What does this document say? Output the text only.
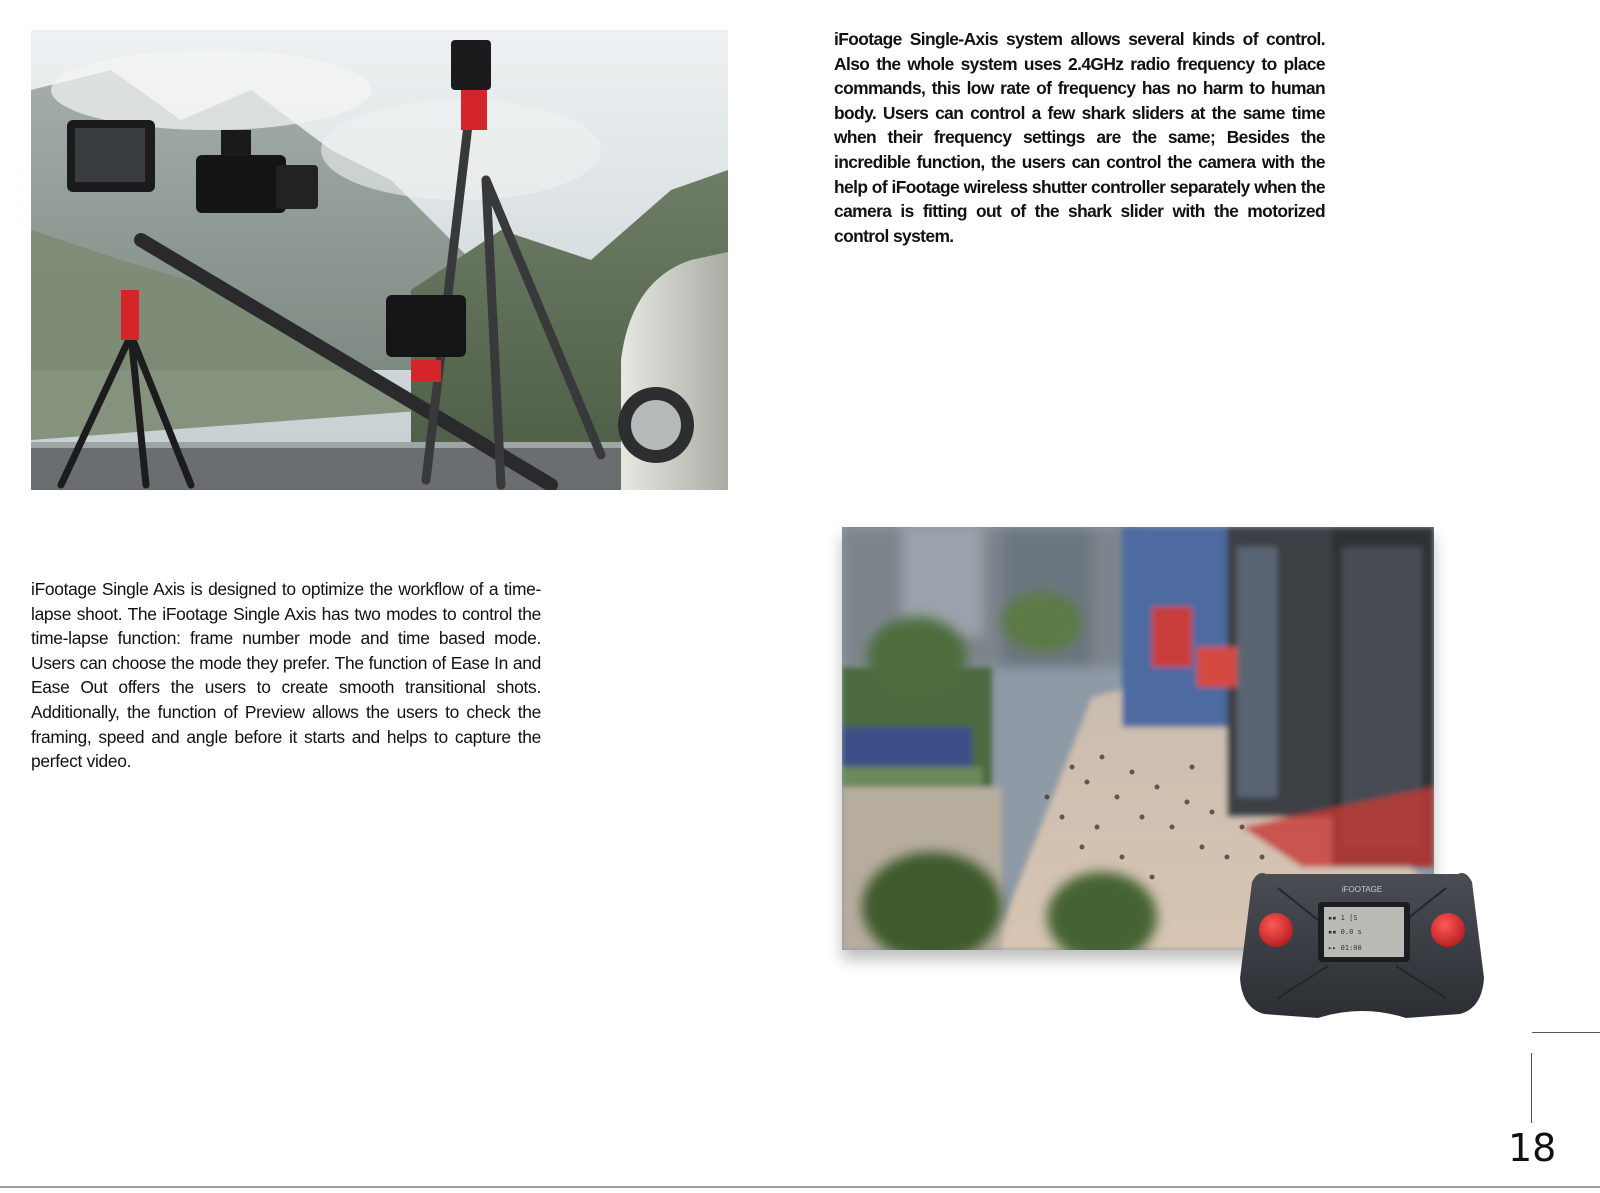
iFootage Single-Axis system allows several kinds of control. Also the whole system uses 2.4GHz radio frequency to place commands, this low rate of frequency has no harm to human body. Users can control a few shark sliders at the same time when their frequency settings are the same; Besides the incredible function, the users can control the camera with the help of iFootage wireless shutter controller separately when the camera is fitting out of the shark slider with the motorized control system.

iFootage Single Axis is designed to optimize the workflow of a time-lapse shoot. The iFootage Single Axis has two modes to control the time-lapse function: frame number mode and time based mode. Users can choose the mode they prefer. The function of Ease In and Ease Out offers the users to create smooth transitional shots. Additionally, the function of Preview allows the users to check the framing, speed and angle before it starts and helps to capture the perfect video.

▪▪ 1 [S
▪▪ 0.0 s
▸▸ 01:00
iFOOTAGE
18
